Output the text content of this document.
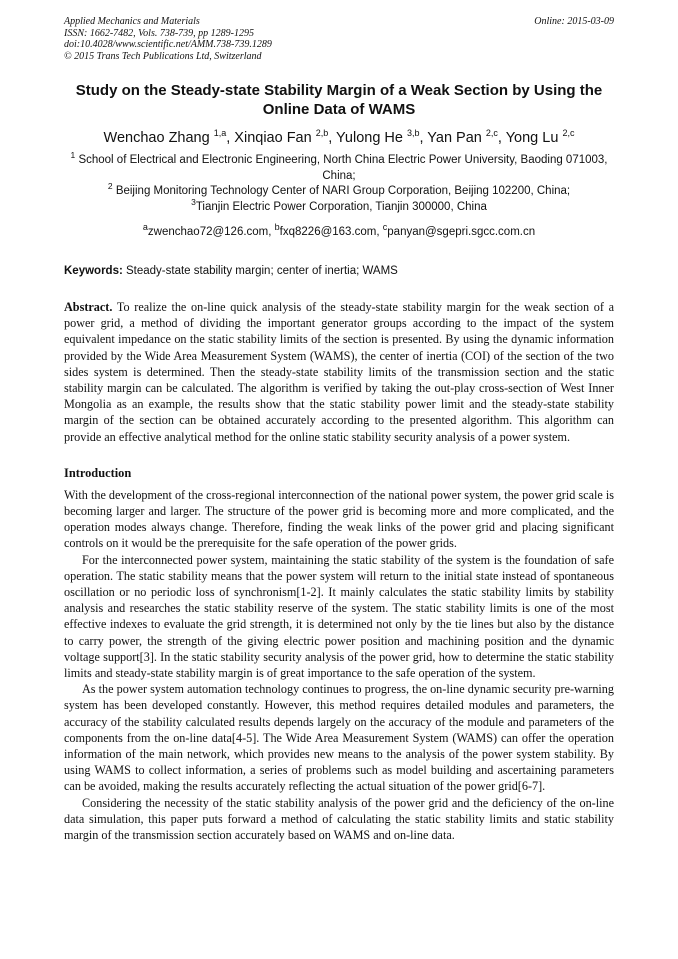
Applied Mechanics and Materials
ISSN: 1662-7482, Vols. 738-739, pp 1289-1295
doi:10.4028/www.scientific.net/AMM.738-739.1289
© 2015 Trans Tech Publications Ltd, Switzerland
Online: 2015-03-09
Study on the Steady-state Stability Margin of a Weak Section by Using the Online Data of WAMS
Wenchao Zhang $^{1,a}$, Xinqiao Fan $^{2,b}$, Yulong He $^{3,b}$, Yan Pan $^{2,c}$, Yong Lu $^{2,c}$
$^1$ School of Electrical and Electronic Engineering, North China Electric Power University, Baoding 071003, China;
$^2$ Beijing Monitoring Technology Center of NARI Group Corporation, Beijing 102200, China;
$^3$Tianjin Electric Power Corporation, Tianjin 300000, China
$^a$zwenchao72@126.com, $^b$fxq8226@163.com, $^c$panyan@sgepri.sgcc.com.cn
Keywords: Steady-state stability margin; center of inertia; WAMS
Abstract. To realize the on-line quick analysis of the steady-state stability margin for the weak section of a power grid, a method of dividing the important generator groups according to the impact of the system equivalent impedance on the static stability limits of the section is presented. By using the dynamic information provided by the Wide Area Measurement System (WAMS), the center of inertia (COI) of the section of the two sides system is determined. Then the steady-state stability limits of the transmission section and the static stability margin can be calculated. The algorithm is verified by taking the out-play cross-section of West Inner Mongolia as an example, the results show that the static stability power limit and the steady-state stability margin of the section can be obtained accurately according to the presented algorithm. This algorithm can provide an effective analytical method for the online static stability security analysis of a power system.
Introduction

With the development of the cross-regional interconnection of the national power system, the power grid scale is becoming larger and larger. The structure of the power grid is becoming more and more complicated, and the operation modes always change. Therefore, finding the weak links of the power grid and placing significant controls on it would be the prerequisite for the safe operation of the power grids.

For the interconnected power system, maintaining the static stability of the system is the foundation of safe operation. The static stability means that the power system will return to the initial state instead of spontaneous oscillation or no periodic loss of synchronism[1-2]. It mainly calculates the static stability limits by stability analysis and researches the static stability reserve of the system. The static stability limits is one of the most effective indexes to evaluate the grid strength, it is determined not only by the tie lines but also by the distance to carry power, the strength of the giving electric power position and machining position and the dynamic voltage support[3]. In the static stability security analysis of the power grid, how to determine the static stability limits and steady-state stability margin is of great importance to the safe operation of the system.

As the power system automation technology continues to progress, the on-line dynamic security pre-warning system has been developed constantly. However, this method requires detailed modules and parameters, the accuracy of the stability calculated results depends largely on the accuracy of the module and parameters of the components from the on-line data[4-5]. The Wide Area Measurement System (WAMS) can offer the operation information of the main network, which provides new means to the analysis of the power system stability. By using WAMS to collect information, a series of problems such as model building and ascertaining parameters can be avoided, making the results accurately reflecting the actual situation of the power grid[6-7].

Considering the necessity of the static stability analysis of the power grid and the deficiency of the on-line data simulation, this paper puts forward a method of calculating the static stability limits and static stability margin of the transmission section accurately based on WAMS and on-line data.
